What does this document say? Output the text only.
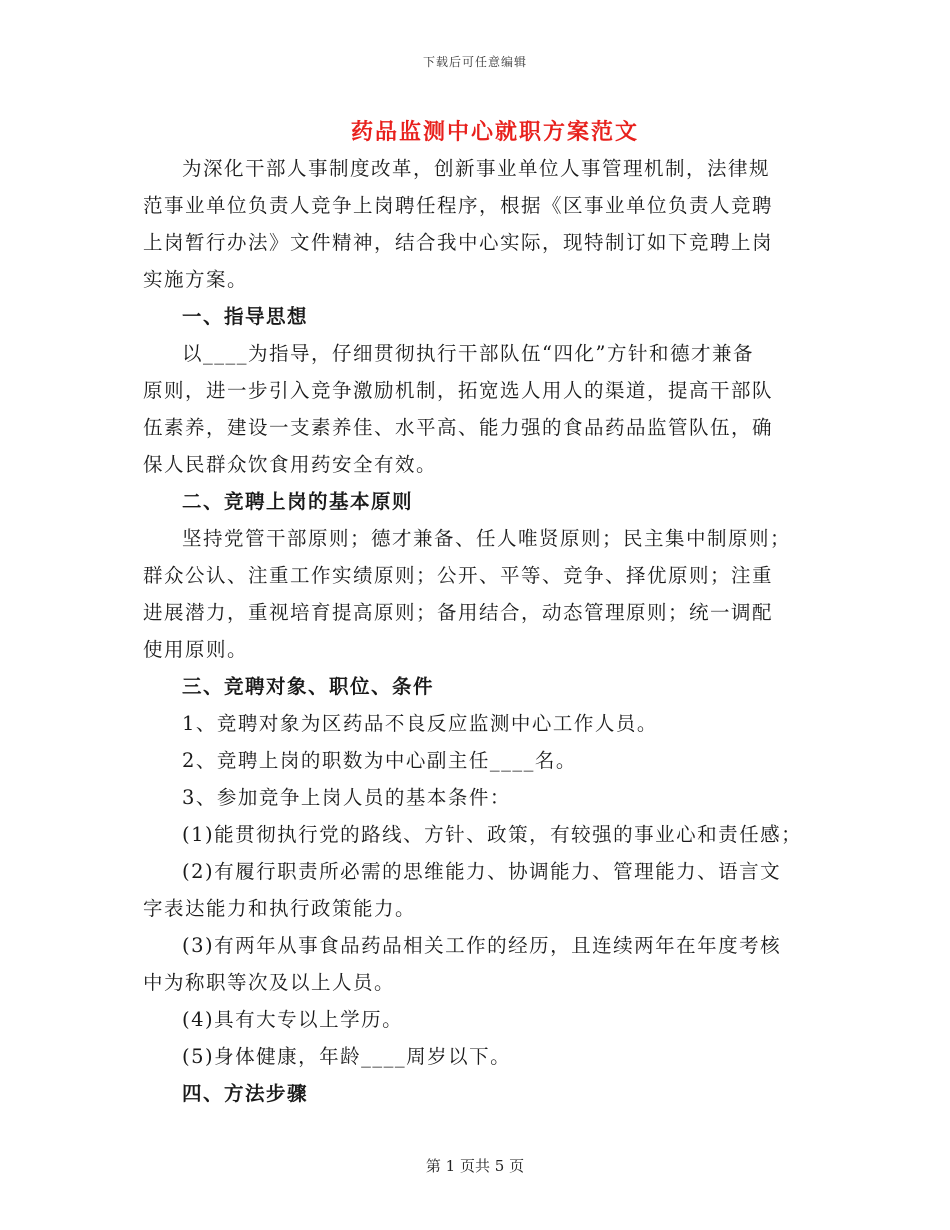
下载后可任意编辑
药品监测中心就职方案范文
为深化干部人事制度改革，创新事业单位人事管理机制，法律规
范事业单位负责人竞争上岗聘任程序，根据《区事业单位负责人竞聘
上岗暂行办法》文件精神，结合我中心实际，现特制订如下竞聘上岗
实施方案。
一、指导思想
以____为指导，仔细贯彻执行干部队伍“四化”方针和德才兼备
原则，进一步引入竞争激励机制，拓宽选人用人的渠道，提高干部队
伍素养，建设一支素养佳、水平高、能力强的食品药品监管队伍，确
保人民群众饮食用药安全有效。
二、竞聘上岗的基本原则
坚持党管干部原则；德才兼备、任人唯贤原则；民主集中制原则；
群众公认、注重工作实绩原则；公开、平等、竞争、择优原则；注重
进展潜力，重视培育提高原则；备用结合，动态管理原则；统一调配
使用原则。
三、竞聘对象、职位、条件
1、竞聘对象为区药品不良反应监测中心工作人员。
2、竞聘上岗的职数为中心副主任____名。
3、参加竞争上岗人员的基本条件：
(1)能贯彻执行党的路线、方针、政策，有较强的事业心和责任感；
(2)有履行职责所必需的思维能力、协调能力、管理能力、语言文
字表达能力和执行政策能力。
(3)有两年从事食品药品相关工作的经历，且连续两年在年度考核
中为称职等次及以上人员。
(4)具有大专以上学历。
(5)身体健康，年龄____周岁以下。
四、方法步骤
第 1 页共 5 页
